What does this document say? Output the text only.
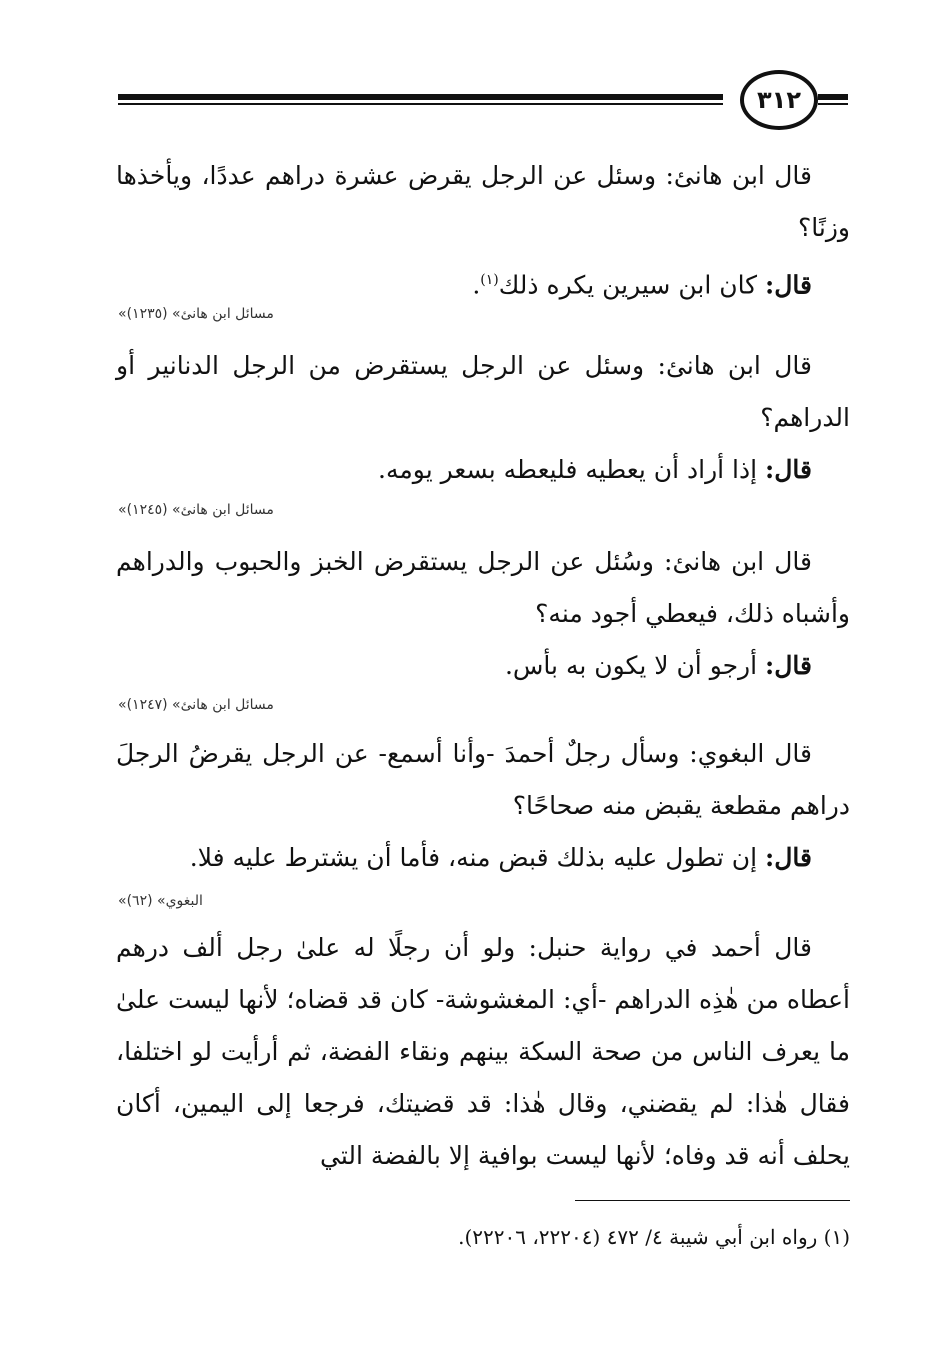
٣١٢

قال ابن هانئ: وسئل عن الرجل يقرض عشرة دراهم عددًا، ويأخذها وزنًا؟

قال: كان ابن سيرين يكره ذلك$^{(١)}$.

«مسائل ابن هانئ» (١٢٣٥)

قال ابن هانئ: وسئل عن الرجل يستقرض من الرجل الدنانير أو الدراهم؟

قال: إذا أراد أن يعطيه فليعطه بسعر يومه.

«مسائل ابن هانئ» (١٢٤٥)

قال ابن هانئ: وسُئل عن الرجل يستقرض الخبز والحبوب والدراهم وأشباه ذلك، فيعطي أجود منه؟

قال: أرجو أن لا يكون به بأس.

«مسائل ابن هانئ» (١٢٤٧)

قال البغوي: وسأل رجلٌ أحمدَ -وأنا أسمع- عن الرجل يقرضُ الرجلَ دراهم مقطعة يقبض منه صحاحًا؟

قال: إن تطول عليه بذلك قبض منه، فأما أن يشترط عليه فلا.

«البغوي» (٦٢)

قال أحمد في رواية حنبل: ولو أن رجلًا له علىٰ رجل ألف درهم أعطاه من هٰذِه الدراهم -أي: المغشوشة- كان قد قضاه؛ لأنها ليست علىٰ ما يعرف الناس من صحة السكة بينهم ونقاء الفضة، ثم أرأيت لو اختلفا، فقال هٰذا: لم يقضني، وقال هٰذا: قد قضيتك، فرجعا إلى اليمين، أكان يحلف أنه قد وفاه؛ لأنها ليست بوافية إلا بالفضة التي

(١) رواه ابن أبي شيبة ٤/ ٤٧٢ (٢٢٢٠٤، ٢٢٢٠٦).
